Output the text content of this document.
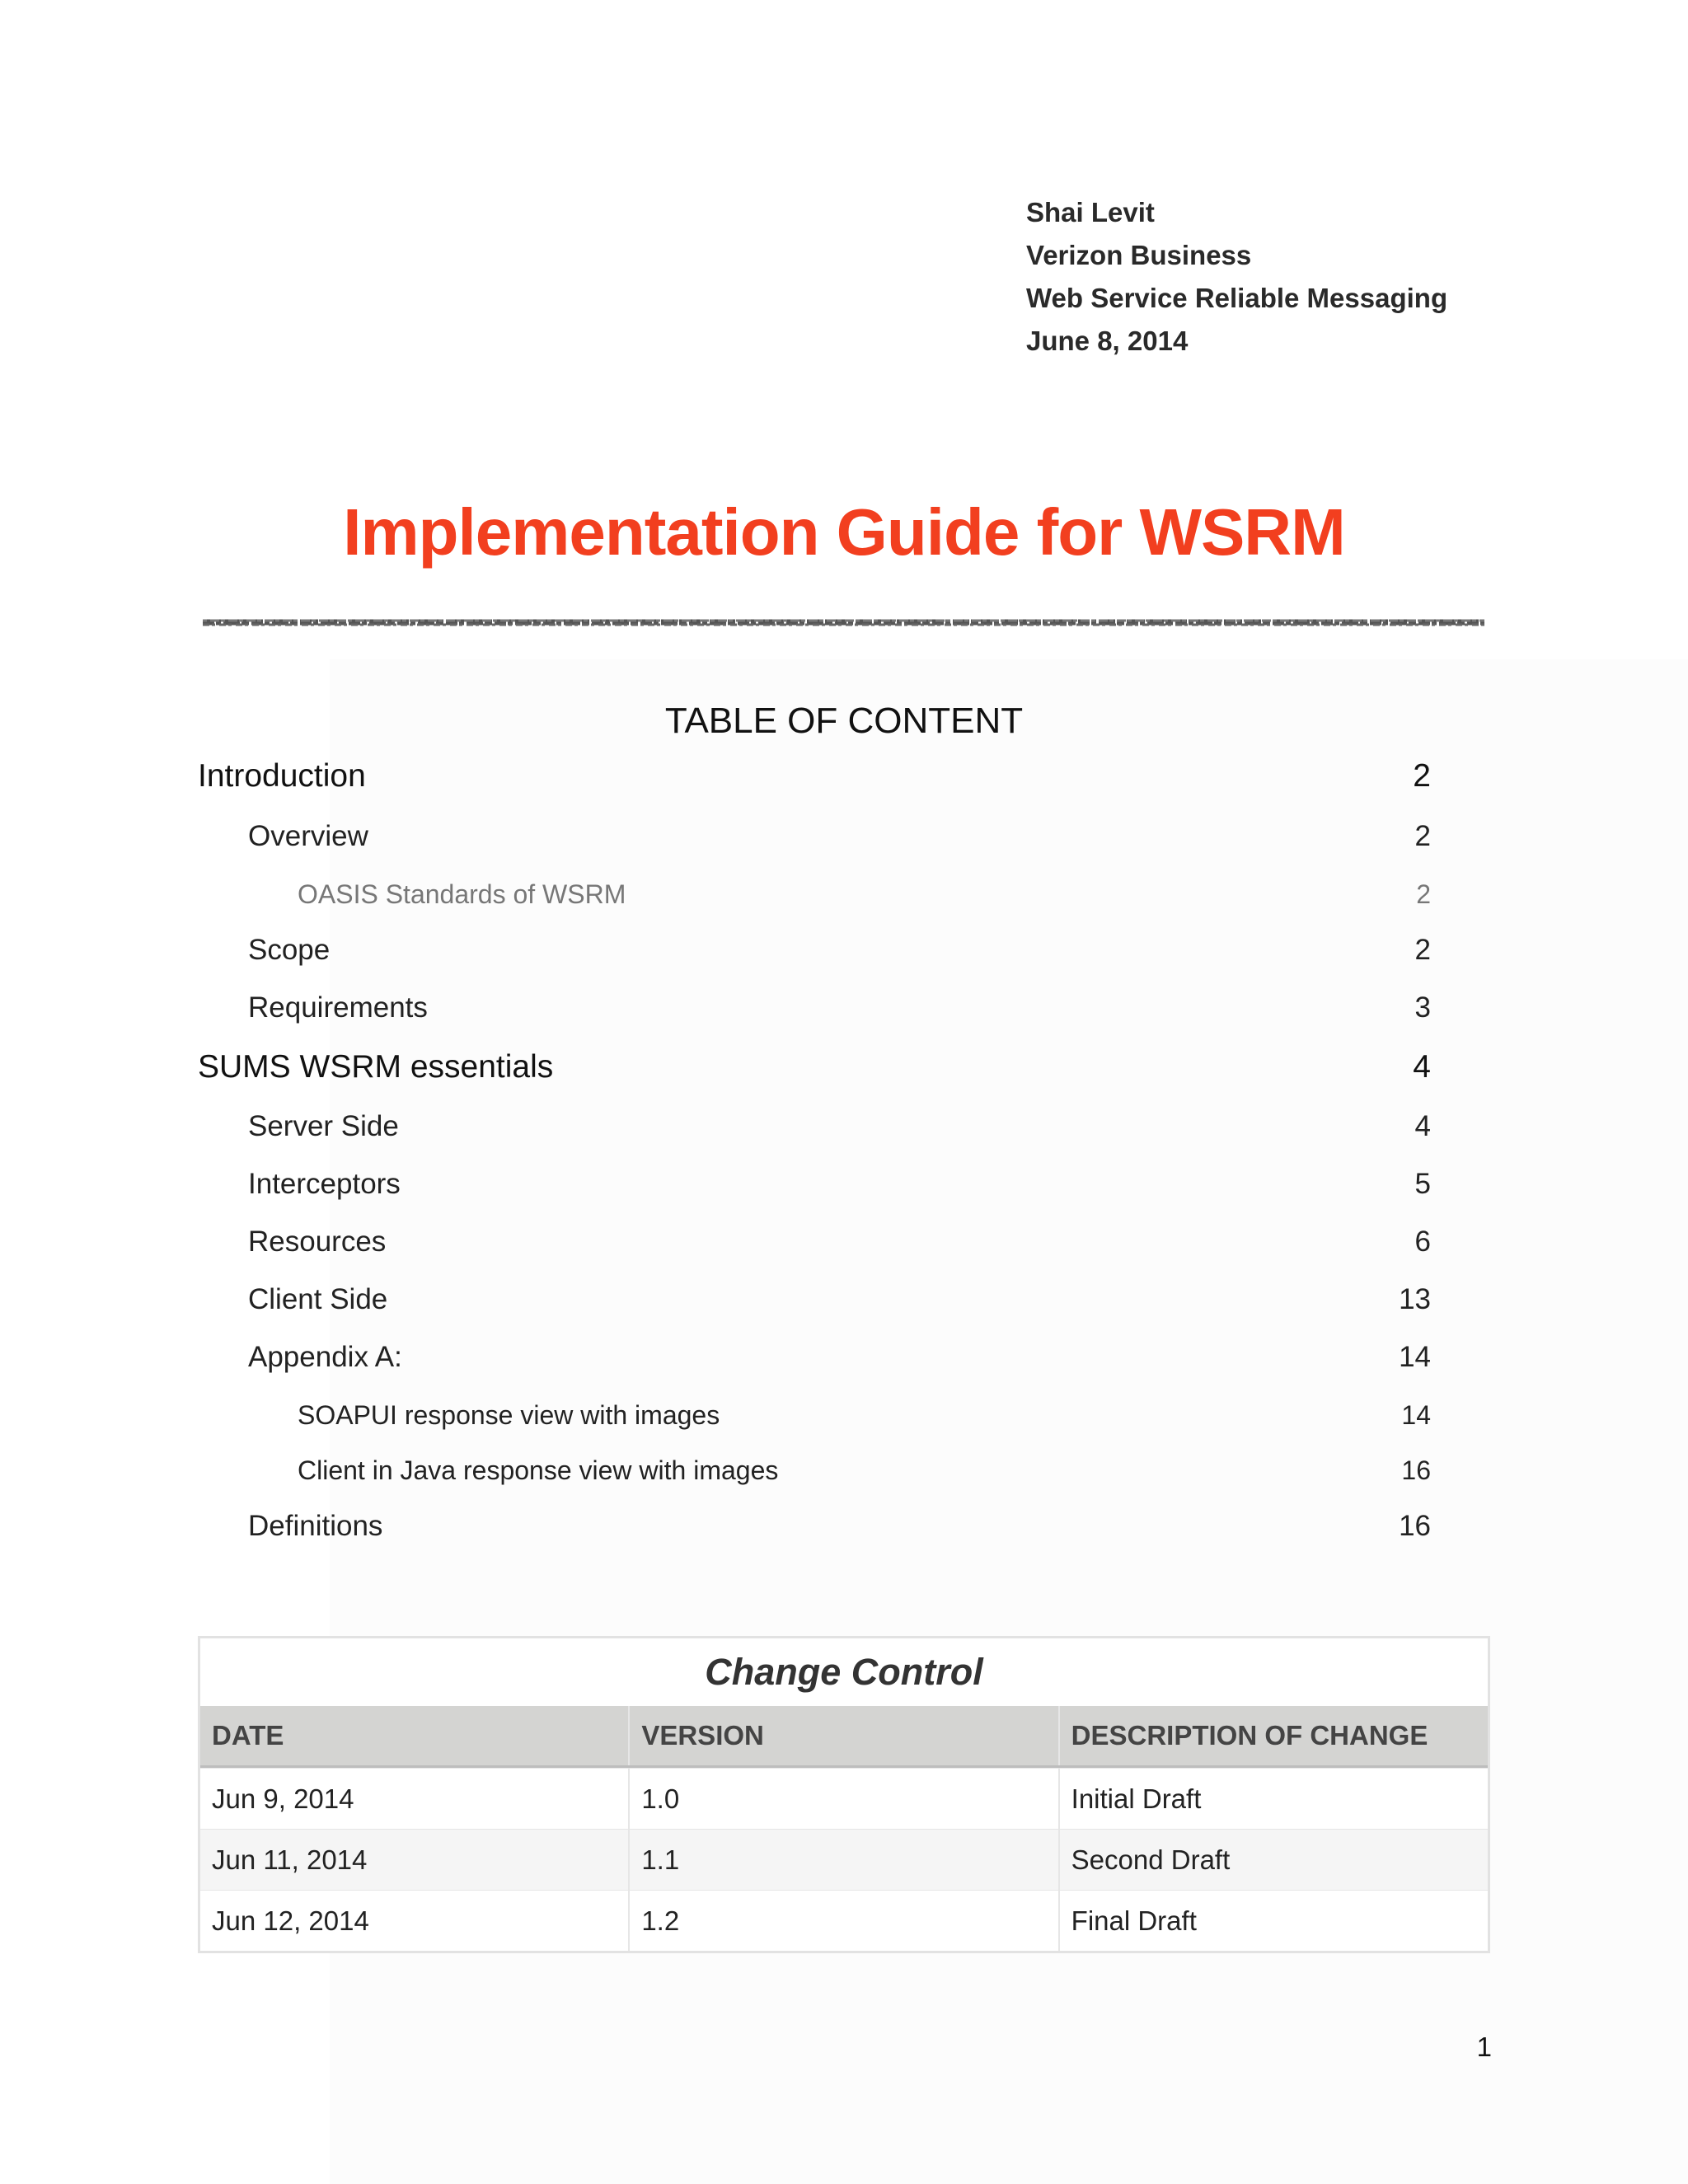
Shai Levit
Verizon Business
Web Service Reliable Messaging
June 8, 2014
Implementation Guide for WSRM
TABLE OF CONTENT
Introduction	2
Overview	2
OASIS Standards of WSRM	2
Scope	2
Requirements	3
SUMS WSRM essentials	4
Server Side	4
Interceptors	5
Resources	6
Client Side	13
Appendix A:	14
SOAPUI response view with images	14
Client in Java response view with images	16
Definitions	16
Change Control
DATE	VERSION	DESCRIPTION OF CHANGE
Jun 9, 2014	1.0	Initial Draft
Jun 11, 2014	1.1	Second Draft
Jun 12, 2014	1.2	Final Draft
1
